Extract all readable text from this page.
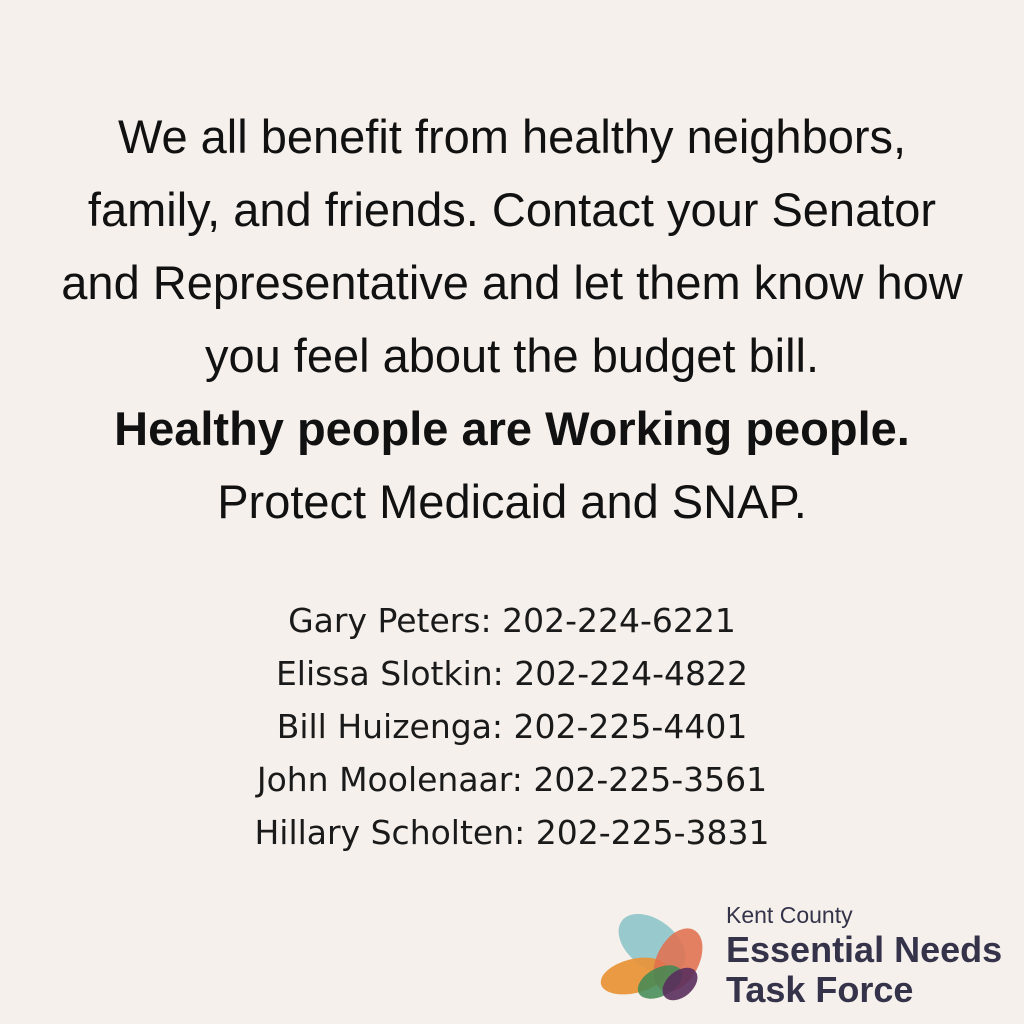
We all benefit from healthy neighbors,
family, and friends. Contact your Senator
and Representative and let them know how
you feel about the budget bill.
Healthy people are Working people.
Protect Medicaid and SNAP.
Gary Peters: 202-224-6221
Elissa Slotkin: 202-224-4822
Bill Huizenga: 202-225-4401
John Moolenaar: 202-225-3561
Hillary Scholten: 202-225-3831
Kent County
Essential Needs
Task Force
